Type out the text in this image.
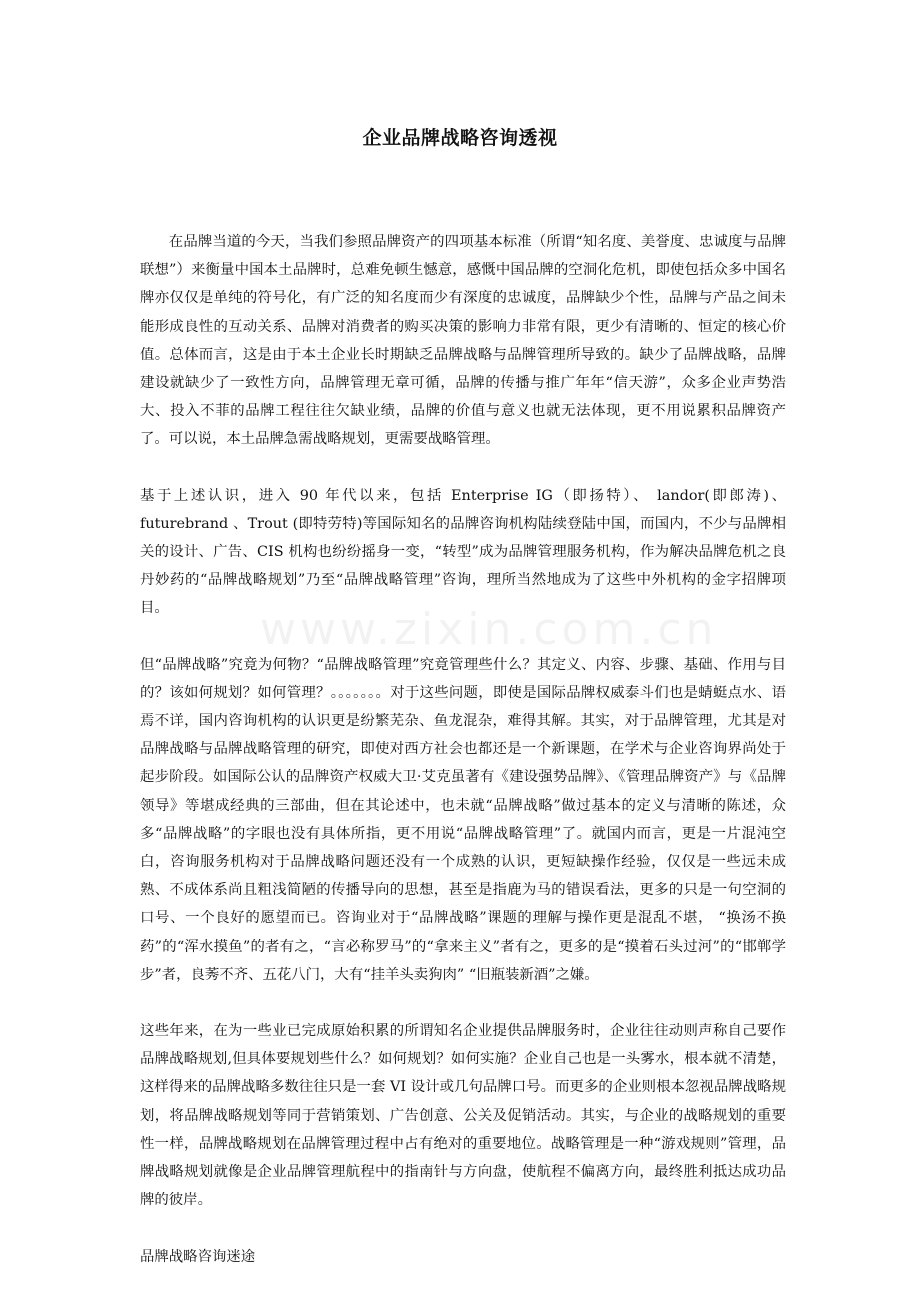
企业品牌战略咨询透视
www.zixin.com.cn

在品牌当道的今天，当我们参照品牌资产的四项基本标准（所谓“知名度、美誉度、忠诚度与品牌联想”）来衡量中国本土品牌时，总难免顿生憾意，感慨中国品牌的空洞化危机，即使包括众多中国名牌亦仅仅是单纯的符号化，有广泛的知名度而少有深度的忠诚度，品牌缺少个性，品牌与产品之间未能形成良性的互动关系、品牌对消费者的购买决策的影响力非常有限，更少有清晰的、恒定的核心价值。总体而言，这是由于本土企业长时期缺乏品牌战略与品牌管理所导致的。缺少了品牌战略，品牌建设就缺少了一致性方向，品牌管理无章可循，品牌的传播与推广年年“信天游”，众多企业声势浩大、投入不菲的品牌工程往往欠缺业绩，品牌的价值与意义也就无法体现，更不用说累积品牌资产了。可以说，本土品牌急需战略规划，更需要战略管理。

基于上述认识，进入 90 年代以来，包括 Enterprise IG（即扬特）、 landor(即郎涛)、futurebrand 、Trout (即特劳特)等国际知名的品牌咨询机构陆续登陆中国，而国内，不少与品牌相关的设计、广告、CIS 机构也纷纷摇身一变，“转型”成为品牌管理服务机构，作为解决品牌危机之良丹妙药的“品牌战略规划”乃至“品牌战略管理”咨询，理所当然地成为了这些中外机构的金字招牌项目。

但“品牌战略”究竟为何物？“品牌战略管理”究竟管理些什么？其定义、内容、步骤、基础、作用与目的？该如何规划？如何管理？。。。。。。。对于这些问题，即使是国际品牌权威泰斗们也是蜻蜓点水、语焉不详，国内咨询机构的认识更是纷繁芜杂、鱼龙混杂，难得其解。其实，对于品牌管理，尤其是对品牌战略与品牌战略管理的研究，即使对西方社会也都还是一个新课题，在学术与企业咨询界尚处于起步阶段。如国际公认的品牌资产权威大卫·艾克虽著有《建设强势品牌》、《管理品牌资产》与《品牌领导》等堪成经典的三部曲，但在其论述中，也未就“品牌战略”做过基本的定义与清晰的陈述，众多“品牌战略”的字眼也没有具体所指，更不用说“品牌战略管理”了。就国内而言，更是一片混沌空白，咨询服务机构对于品牌战略问题还没有一个成熟的认识，更短缺操作经验，仅仅是一些远未成熟、不成体系尚且粗浅简陋的传播导向的思想，甚至是指鹿为马的错误看法，更多的只是一句空洞的口号、一个良好的愿望而已。咨询业对于“品牌战略”课题的理解与操作更是混乱不堪， “换汤不换药”的“浑水摸鱼”的者有之，“言必称罗马”的“拿来主义”者有之，更多的是“摸着石头过河”的“邯郸学步”者，良莠不齐、五花八门，大有“挂羊头卖狗肉” “旧瓶装新酒”之嫌。

这些年来，在为一些业已完成原始积累的所谓知名企业提供品牌服务时，企业往往动则声称自己要作品牌战略规划,但具体要规划些什么？如何规划？如何实施？企业自己也是一头雾水，根本就不清楚，这样得来的品牌战略多数往往只是一套 VI 设计或几句品牌口号。而更多的企业则根本忽视品牌战略规划，将品牌战略规划等同于营销策划、广告创意、公关及促销活动。其实，与企业的战略规划的重要性一样，品牌战略规划在品牌管理过程中占有绝对的重要地位。战略管理是一种“游戏规则”管理，品牌战略规划就像是企业品牌管理航程中的指南针与方向盘，使航程不偏离方向，最终胜利抵达成功品牌的彼岸。

品牌战略咨询迷途
